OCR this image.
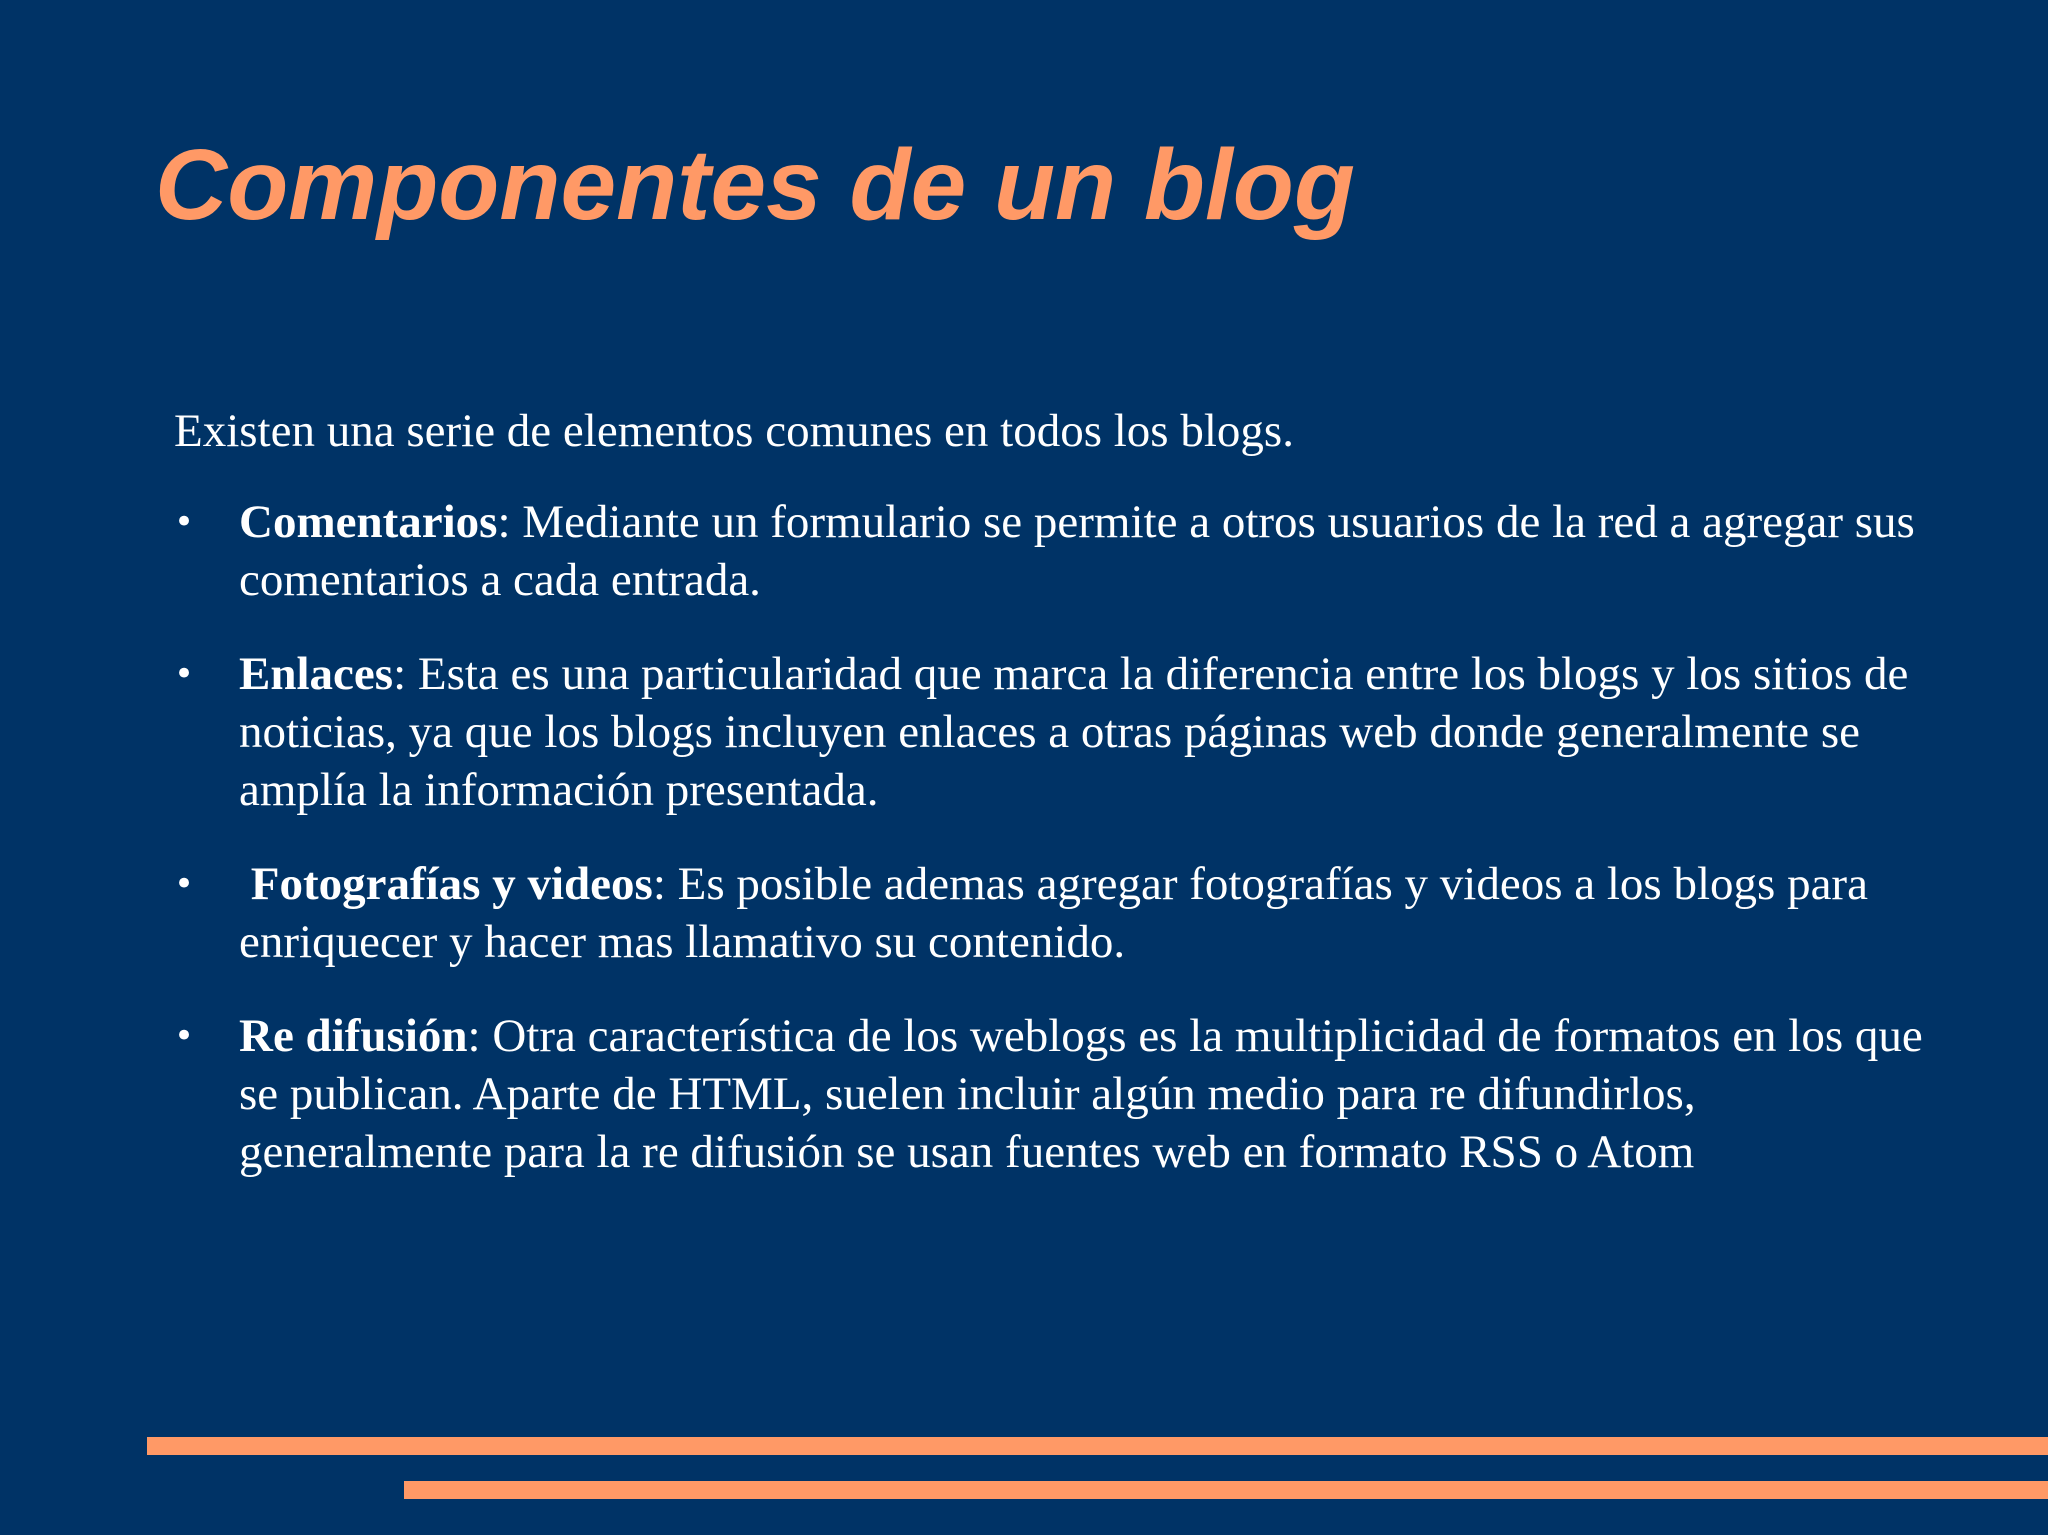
Componentes de un blog

Existen una serie de elementos comunes en todos los blogs.

• Comentarios: Mediante un formulario se permite a otros usuarios de la red a agregar sus comentarios a cada entrada.
• Enlaces: Esta es una particularidad que marca la diferencia entre los blogs y los sitios de noticias, ya que los blogs incluyen enlaces a otras páginas web donde generalmente se amplía la información presentada.
• Fotografías y videos: Es posible ademas agregar fotografías y videos a los blogs para enriquecer y hacer mas llamativo su contenido.
• Re difusión: Otra característica de los weblogs es la multiplicidad de formatos en los que se publican. Aparte de HTML, suelen incluir algún medio para re difundirlos, generalmente para la re difusión se usan fuentes web en formato RSS o Atom
